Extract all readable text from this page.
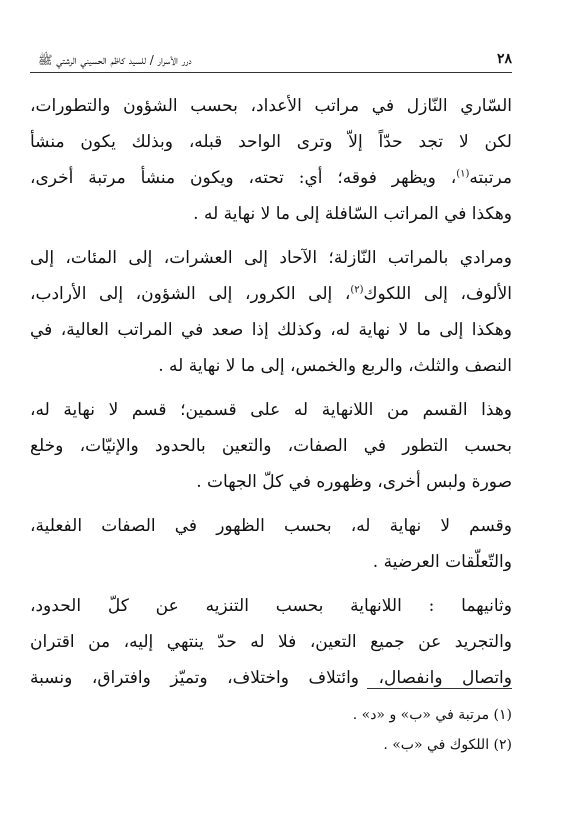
٢٨
درر الأسرار / للسيد كاظم الحسيني الرشتي ﷺ
السّاري النّازل في مراتب الأعداد، بحسب الشؤون والتطورات،
لكن لا تجد حدّاً إلاّ وترى الواحد قبله، وبذلك يكون منشأ
مرتبته$^{(١)}$، ويظهر فوقه؛ أي: تحته، ويكون منشأ مرتبة أخرى،
وهكذا في المراتب السّافلة إلى ما لا نهاية له .
ومرادي بالمراتب النّازلة؛ الآحاد إلى العشرات، إلى المئات، إلى
الألوف، إلى اللكوك$^{(٢)}$، إلى الكرور، إلى الشؤون، إلى الأرادب،
وهكذا إلى ما لا نهاية له، وكذلك إذا صعد في المراتب العالية، في
النصف والثلث، والربع والخمس، إلى ما لا نهاية له .
وهذا القسم من اللانهاية له على قسمين؛ قسم لا نهاية له،
بحسب التطور في الصفات، والتعين بالحدود والإنيّات، وخلع
صورة ولبس أخرى، وظهوره في كلّ الجهات .
وقسم لا نهاية له، بحسب الظهور في الصفات الفعلية،
والتّعلّقات العرضية .
وثانيهما : اللانهاية بحسب التنزيه عن كلّ الحدود،
والتجريد عن جميع التعين، فلا له حدّ ينتهي إليه، من اقتران
واتصال وانفصال، وائتلاف واختلاف، وتميّز وافتراق، ونسبة
(١) مرتبة في «ب» و «د» .
(٢) اللكوك في «ب» .
